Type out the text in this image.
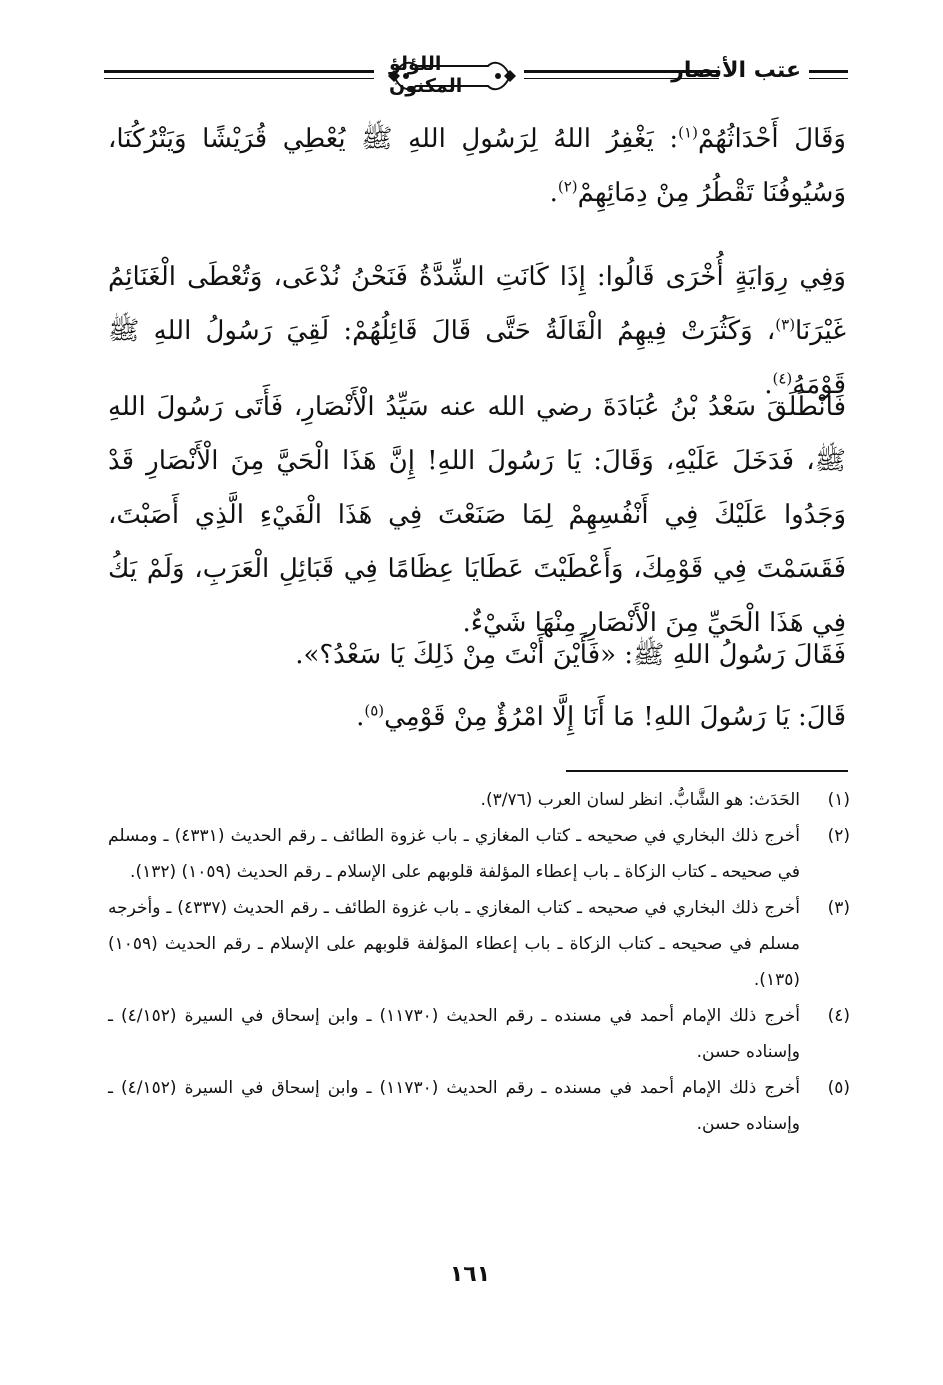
اللؤلؤ المكنون
عتب الأنصار

وَقَالَ أَحْدَاثُهُمْ$^{(١)}$: يَغْفِرُ اللهُ لِرَسُولِ اللهِ ﷺ يُعْطِي قُرَيْشًا وَيَتْرُكُنَا، وَسُيُوفُنَا تَقْطُرُ مِنْ دِمَائِهِمْ$^{(٢)}$.

وَفِي رِوَايَةٍ أُخْرَى قَالُوا: إِذَا كَانَتِ الشِّدَّةُ فَنَحْنُ نُدْعَى، وَتُعْطَى الْغَنَائِمُ غَيْرَنَا$^{(٣)}$، وَكَثُرَتْ فِيهِمُ الْقَالَةُ حَتَّى قَالَ قَائِلُهُمْ: لَقِيَ رَسُولُ اللهِ ﷺ قَوْمَهُ$^{(٤)}$.

فَانْطَلَقَ سَعْدُ بْنُ عُبَادَةَ رضي الله عنه سَيِّدُ الْأَنْصَارِ، فَأَتَى رَسُولَ اللهِ ﷺ، فَدَخَلَ عَلَيْهِ، وَقَالَ: يَا رَسُولَ اللهِ! إِنَّ هَذَا الْحَيَّ مِنَ الْأَنْصَارِ قَدْ وَجَدُوا عَلَيْكَ فِي أَنْفُسِهِمْ لِمَا صَنَعْتَ فِي هَذَا الْفَيْءِ الَّذِي أَصَبْتَ، فَقَسَمْتَ فِي قَوْمِكَ، وَأَعْطَيْتَ عَطَايَا عِظَامًا فِي قَبَائِلِ الْعَرَبِ، وَلَمْ يَكُ فِي هَذَا الْحَيِّ مِنَ الْأَنْصَارِ مِنْهَا شَيْءٌ.

فَقَالَ رَسُولُ اللهِ ﷺ: «فَأَيْنَ أَنْتَ مِنْ ذَلِكَ يَا سَعْدُ؟».

قَالَ: يَا رَسُولَ اللهِ! مَا أَنَا إِلَّا امْرُؤٌ مِنْ قَوْمِي$^{(٥)}$.

(١)
الحَدَث: هو الشَّابُّ. انظر لسان العرب (٣/٧٦).
(٢)
أخرج ذلك البخاري في صحيحه ـ كتاب المغازي ـ باب غزوة الطائف ـ رقم الحديث (٤٣٣١) ـ ومسلم في صحيحه ـ كتاب الزكاة ـ باب إعطاء المؤلفة قلوبهم على الإسلام ـ رقم الحديث (١٠٥٩) (١٣٢).
(٣)
أخرج ذلك البخاري في صحيحه ـ كتاب المغازي ـ باب غزوة الطائف ـ رقم الحديث (٤٣٣٧) ـ وأخرجه مسلم في صحيحه ـ كتاب الزكاة ـ باب إعطاء المؤلفة قلوبهم على الإسلام ـ رقم الحديث (١٠٥٩) (١٣٥).
(٤)
أخرج ذلك الإمام أحمد في مسنده ـ رقم الحديث (١١٧٣٠) ـ وابن إسحاق في السيرة (٤/١٥٢) ـ وإسناده حسن.
(٥)
أخرج ذلك الإمام أحمد في مسنده ـ رقم الحديث (١١٧٣٠) ـ وابن إسحاق في السيرة (٤/١٥٢) ـ وإسناده حسن.
١٦١
